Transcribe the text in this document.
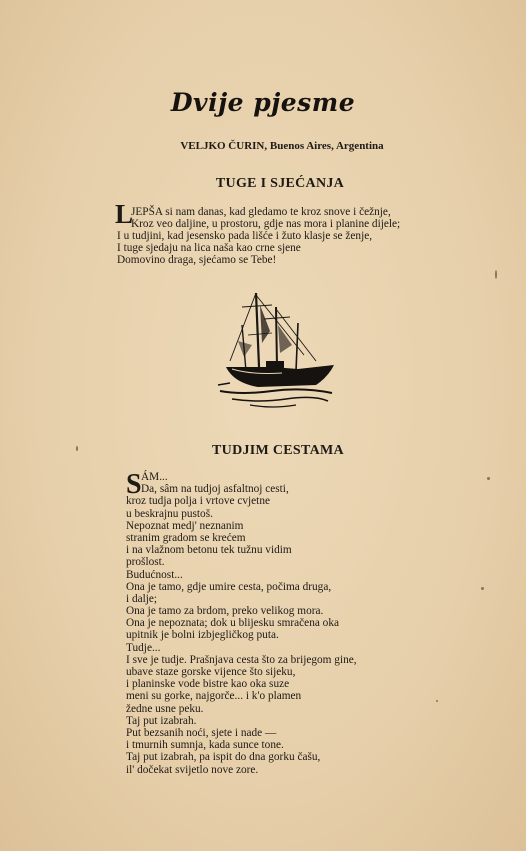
Dvije pjesme
VELJKO ČURIN, Buenos Aires, Argentina
TUGE I SJEĆANJA
L
JEPŠA si nam danas, kad gledamo te kroz snove i čežnje,
Kroz veo daljine, u prostoru, gdje nas mora i planine dijele;
I u tudjini, kad jesensko pada lišće i žuto klasje se ženje,
I tuge sjedaju na lica naša kao crne sjene
Domovino draga, sjećamo se Tebe!
TUDJIM CESTAMA
S ÁM...
Da, sâm na tudjoj asfaltnoj cesti,
kroz tudja polja i vrtove cvjetne
u beskrajnu pustoš.
Nepoznat medj' neznanim
stranim gradom se krećem
i na vlažnom betonu tek tužnu vidim
prošlost.
Budućnost...
Ona je tamo, gdje umire cesta, počima druga,
i dalje;
Ona je tamo za brdom, preko velikog mora.
Ona je nepoznata; dok u blijesku smračena oka
upitnik je bolni izbjegličkog puta.
Tudje...
I sve je tudje. Prašnjava cesta što za brijegom gine,
ubave staze gorske vijence što sijeku,
i planinske vode bistre kao oka suze
meni su gorke, najgorče... i k'o plamen
žedne usne peku.
Taj put izabrah.
Put bezsanih noći, sjete i nade —
i tmurnih sumnja, kada sunce tone.
Taj put izabrah, pa ispit do dna gorku čašu,
il' dočekat svijetlo nove zore.
